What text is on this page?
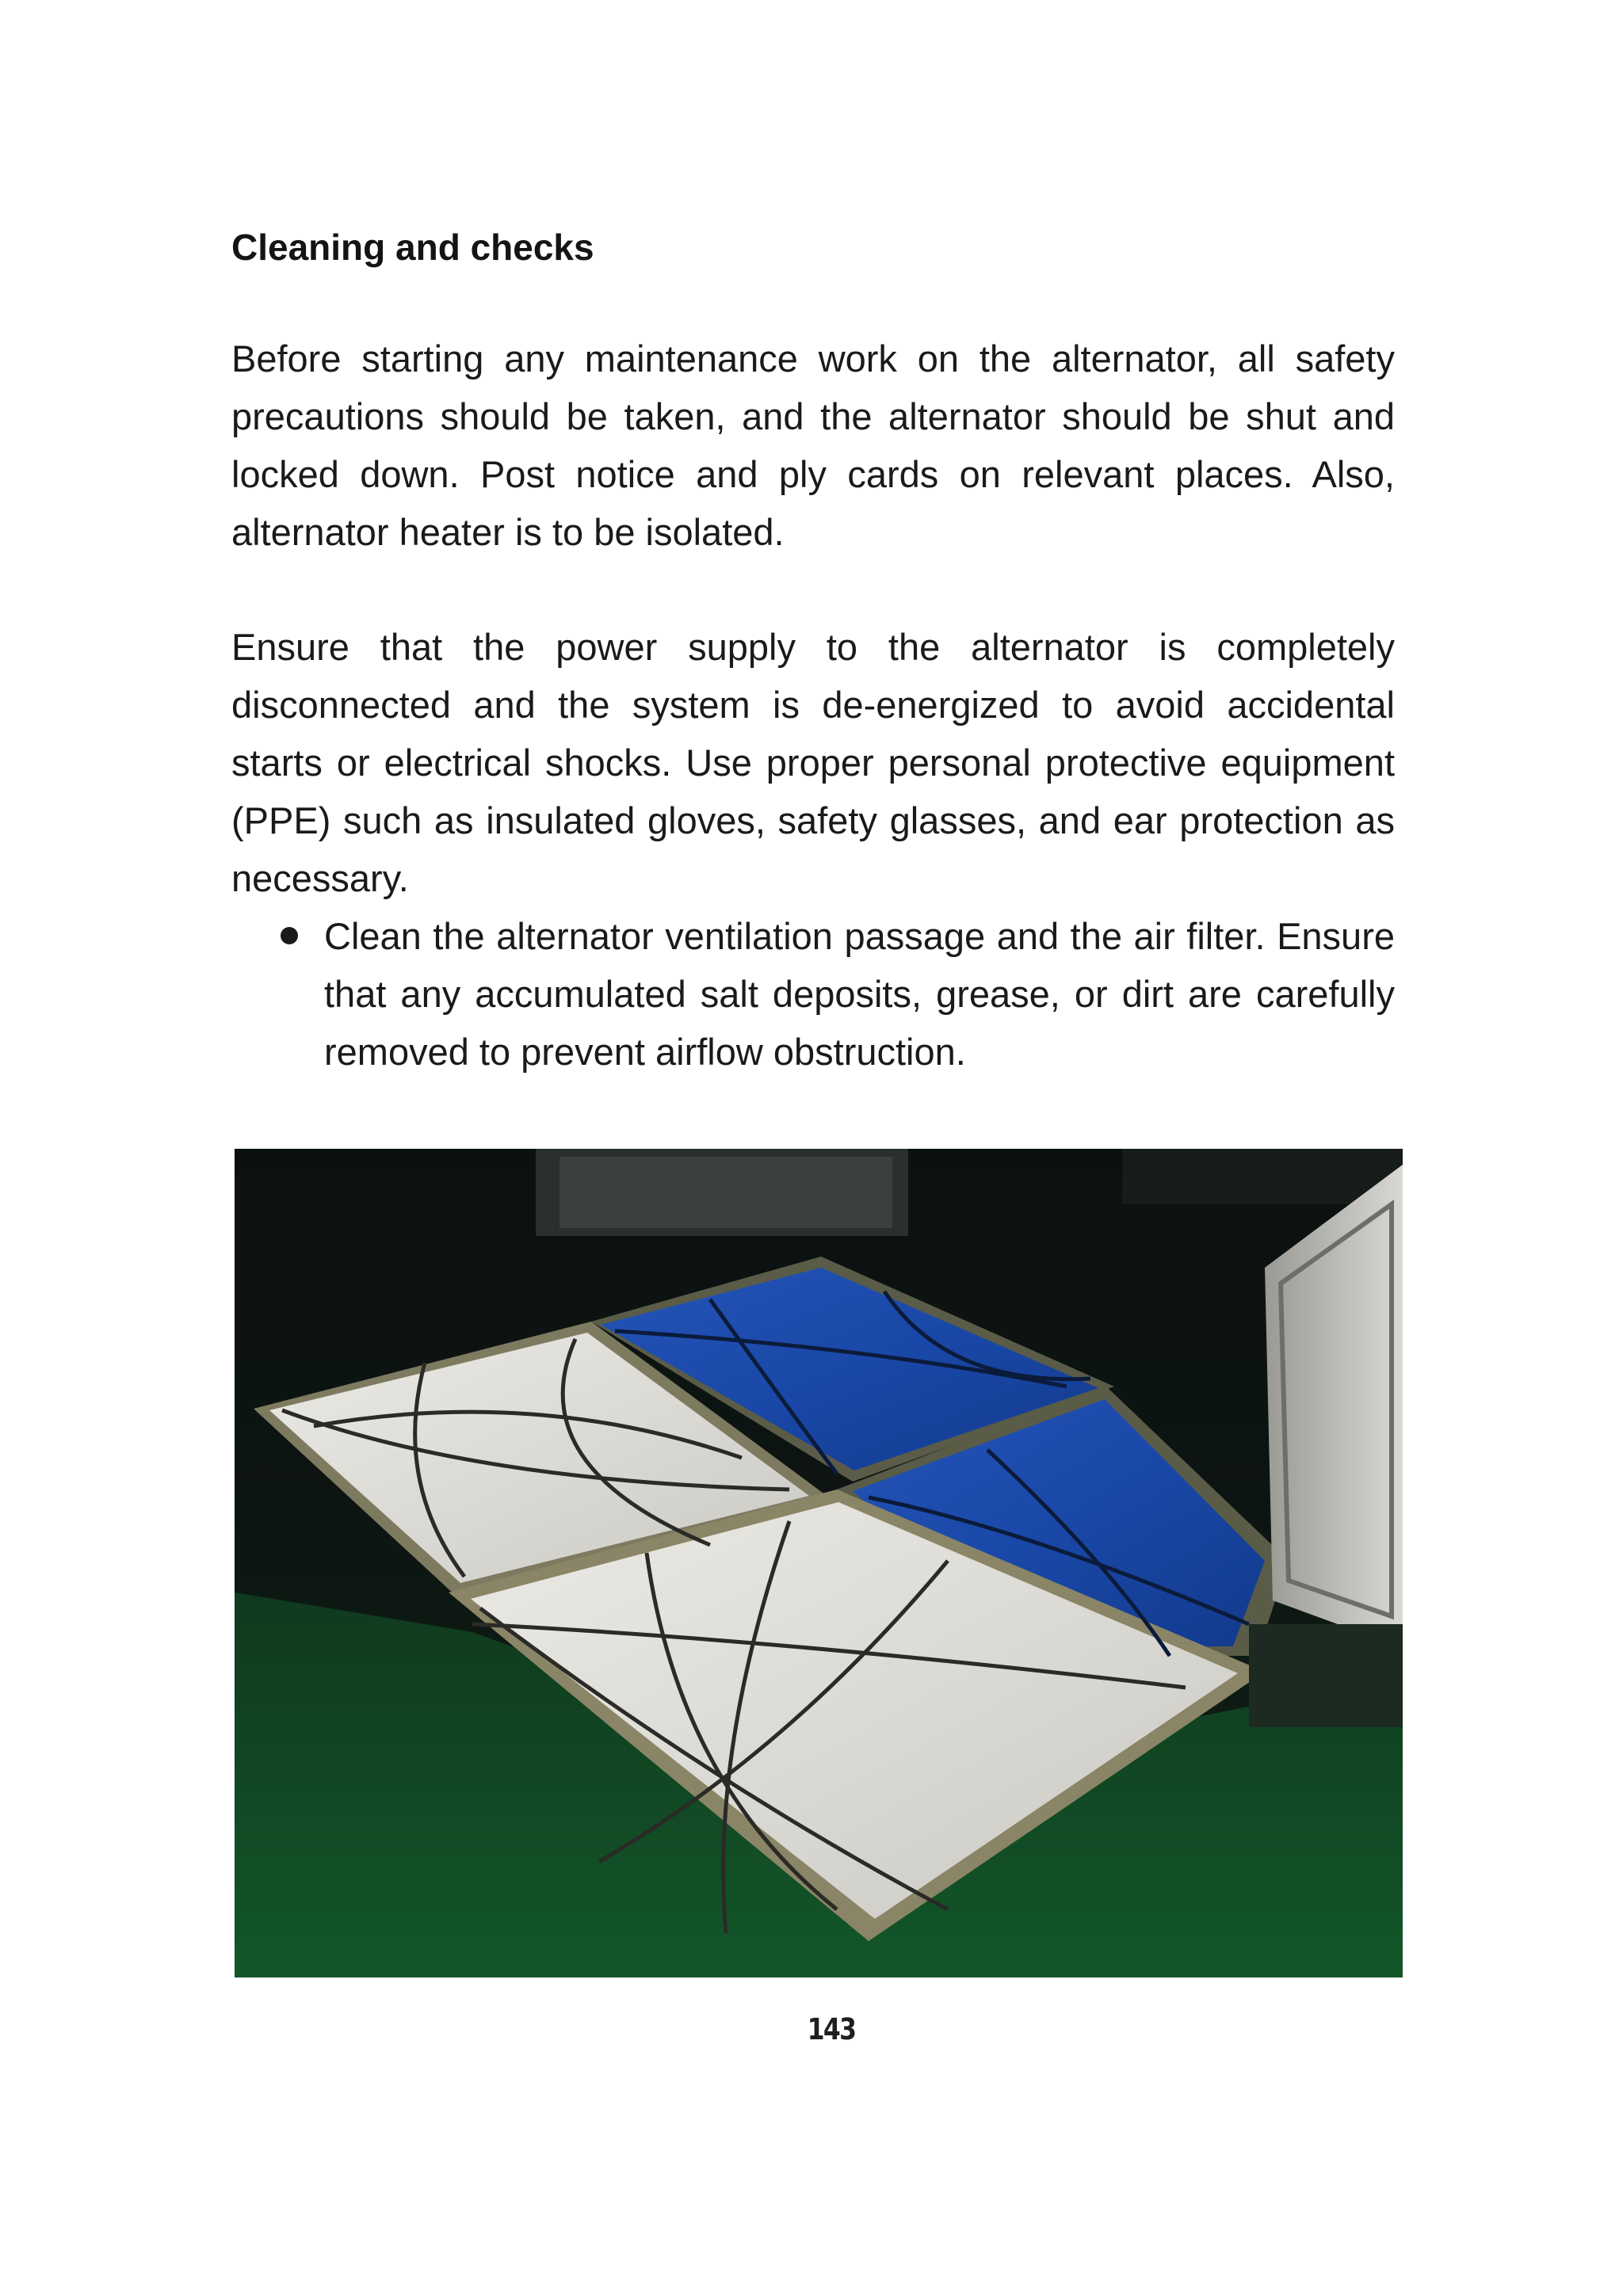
Cleaning and checks

Before starting any maintenance work on the alternator, all safety precautions should be taken, and the alternator should be shut and locked down. Post notice and ply cards on relevant places. Also, alternator heater is to be isolated.

Ensure that the power supply to the alternator is completely disconnected and the system is de-energized to avoid accidental starts or electrical shocks. Use proper personal protective equipment (PPE) such as insulated gloves, safety glasses, and ear protection as necessary.

Clean the alternator ventilation passage and the air filter. Ensure that any accumulated salt deposits, grease, or dirt are carefully removed to prevent airflow obstruction.
143
